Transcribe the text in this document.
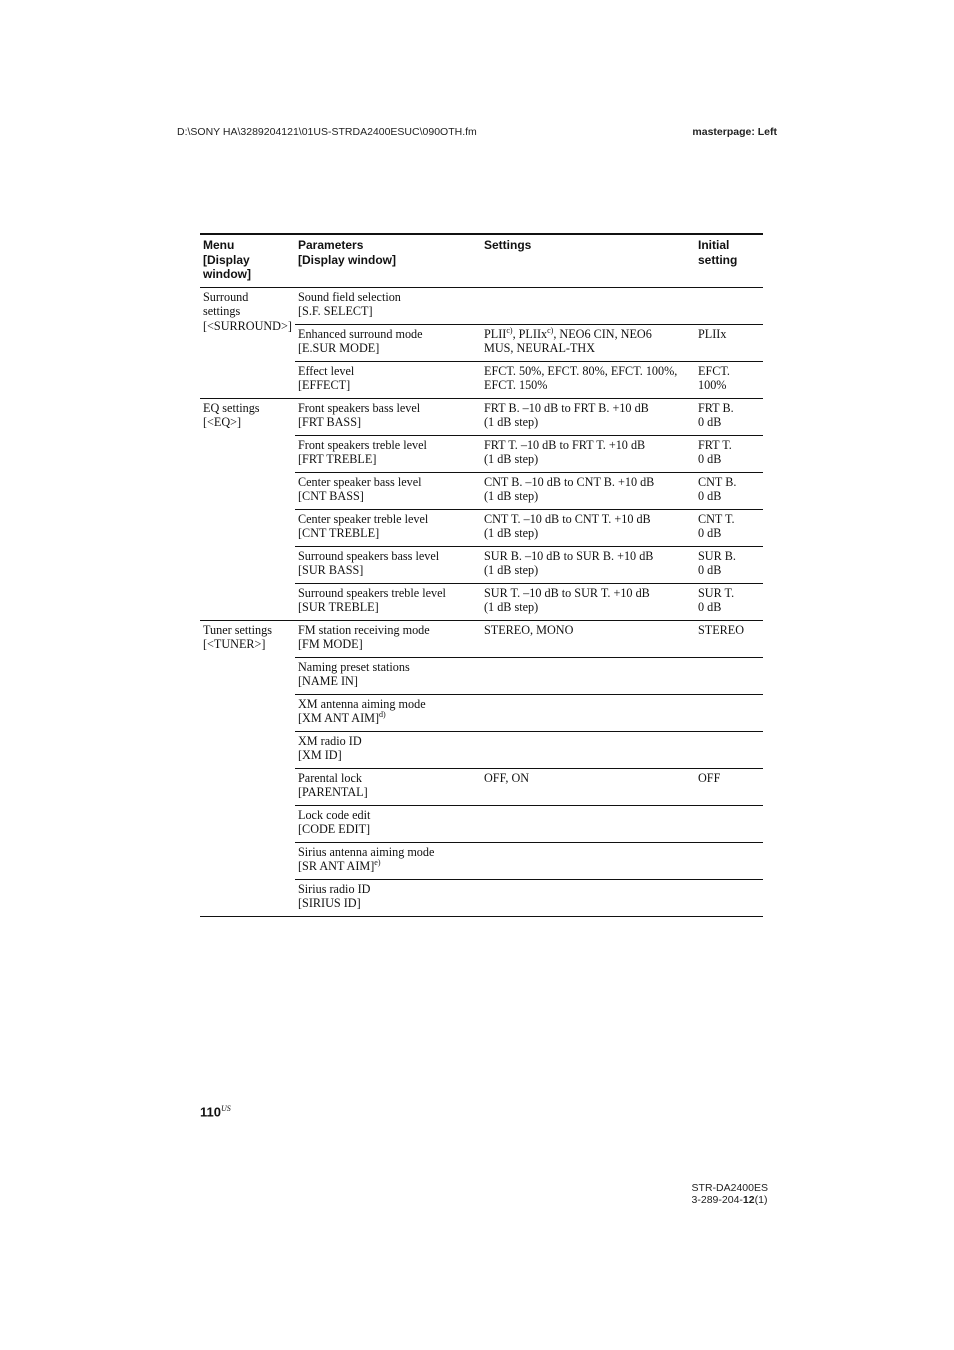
D:\SONY HA\3289204121\01US-STRDA2400ESUC\090OTH.fm	masterpage: Left
Menu
[Display
window]	Parameters
[Display window]	Settings	Initial
setting

Surround
settings
[<SURROUND>]	Sound field selection
[S.F. SELECT]		

	Enhanced surround mode
[E.SUR MODE]	PLII$^{c)}$, PLIIx$^{c)}$, NEO6 CIN, NEO6
MUS, NEURAL-THX	PLIIx

	Effect level
[EFFECT]	EFCT. 50%, EFCT. 80%, EFCT. 100%,
EFCT. 150%	EFCT.
100%

EQ settings
[<EQ>]	Front speakers bass level
[FRT BASS]	FRT B. –10 dB to FRT B. +10 dB
(1 dB step)	FRT B.
0 dB

	Front speakers treble level
[FRT TREBLE]	FRT T. –10 dB to FRT T. +10 dB
(1 dB step)	FRT T.
0 dB

	Center speaker bass level
[CNT BASS]	CNT B. –10 dB to CNT B. +10 dB
(1 dB step)	CNT B.
0 dB

	Center speaker treble level
[CNT TREBLE]	CNT T. –10 dB to CNT T. +10 dB
(1 dB step)	CNT T.
0 dB

	Surround speakers bass level
[SUR BASS]	SUR B. –10 dB to SUR B. +10 dB
(1 dB step)	SUR B.
0 dB

	Surround speakers treble level
[SUR TREBLE]	SUR T. –10 dB to SUR T. +10 dB
(1 dB step)	SUR T.
0 dB

Tuner settings
[<TUNER>]	FM station receiving mode
[FM MODE]	STEREO, MONO	STEREO

	Naming preset stations
[NAME IN]		

	XM antenna aiming mode
[XM ANT AIM]$^{d)}$

	XM radio ID
[XM ID]		

	Parental lock
[PARENTAL]	OFF, ON	OFF

	Lock code edit
[CODE EDIT]		

	Sirius antenna aiming mode
[SR ANT AIM]$^{e)}$

	Sirius radio ID
[SIRIUS ID]		

$110^{US}$
STR-DA2400ES
3-289-204-12(1)
